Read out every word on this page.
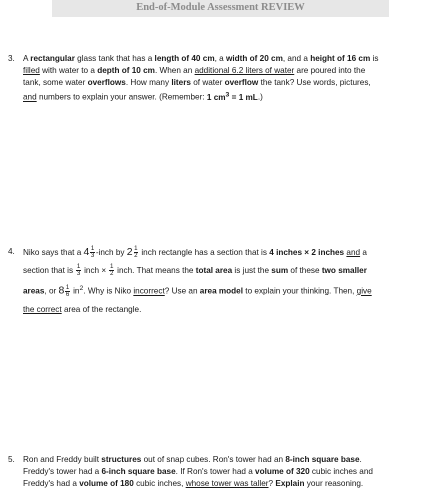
End-of-Module Assessment REVIEW
3. A rectangular glass tank that has a length of 40 cm, a width of 20 cm, and a height of 16 cm is
filled with water to a depth of 10 cm. When an additional 6.2 liters of water are poured into the
tank, some water overflows. How many liters of water overflow the tank? Use words, pictures,
and numbers to explain your answer. (Remember: 1 $cm^3 = 1$ mL.)
4. Niko says that a $4 \frac{1}{3}$ -inch by $2 \frac{1}{2}$ inch rectangle has a section that is 4 inches × 2 inches and a
section that is $\frac{1}{3}$ inch × $\frac{1}{2}$ inch. That means the total area is just the sum of these two smaller
areas, or $8 \frac{1}{6} in^2$. Why is Niko incorrect? Use an area model to explain your thinking. Then, give
the correct area of the rectangle.
5. Ron and Freddy built structures out of snap cubes. Ron's tower had an 8-inch square base.
Freddy's tower had a 6-inch square base. If Ron's tower had a volume of 320 cubic inches and
Freddy's had a volume of 180 cubic inches, whose tower was taller? Explain your reasoning.
